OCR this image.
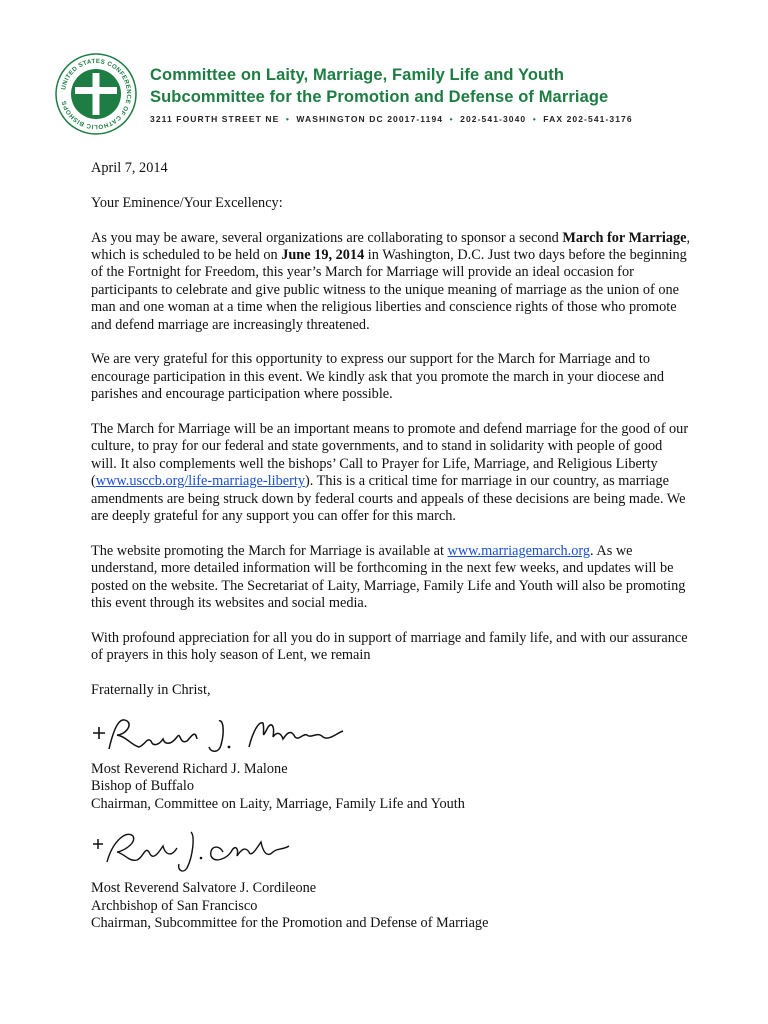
UNITED STATES CONFERENCE OF CATHOLIC BISHOPS
Committee on Laity, Marriage, Family Life and Youth
Subcommittee for the Promotion and Defense of Marriage
3211 FOURTH STREET NE • WASHINGTON DC 20017-1194 • 202-541-3040 • FAX 202-541-3176

April 7, 2014

Your Eminence/Your Excellency:

As you may be aware, several organizations are collaborating to sponsor a second March for Marriage, which is scheduled to be held on June 19, 2014 in Washington, D.C. Just two days before the beginning of the Fortnight for Freedom, this year’s March for Marriage will provide an ideal occasion for participants to celebrate and give public witness to the unique meaning of marriage as the union of one man and one woman at a time when the religious liberties and conscience rights of those who promote and defend marriage are increasingly threatened.

We are very grateful for this opportunity to express our support for the March for Marriage and to encourage participation in this event. We kindly ask that you promote the march in your diocese and parishes and encourage participation where possible.

The March for Marriage will be an important means to promote and defend marriage for the good of our culture, to pray for our federal and state governments, and to stand in solidarity with people of good will. It also complements well the bishops’ Call to Prayer for Life, Marriage, and Religious Liberty (www.usccb.org/life-marriage-liberty). This is a critical time for marriage in our country, as marriage amendments are being struck down by federal courts and appeals of these decisions are being made. We are deeply grateful for any support you can offer for this march.

The website promoting the March for Marriage is available at www.marriagemarch.org. As we understand, more detailed information will be forthcoming in the next few weeks, and updates will be posted on the website. The Secretariat of Laity, Marriage, Family Life and Youth will also be promoting this event through its websites and social media.

With profound appreciation for all you do in support of marriage and family life, and with our assurance of prayers in this holy season of Lent, we remain

Fraternally in Christ,

Most Reverend Richard J. Malone
Bishop of Buffalo
Chairman, Committee on Laity, Marriage, Family Life and Youth
Most Reverend Salvatore J. Cordileone
Archbishop of San Francisco
Chairman, Subcommittee for the Promotion and Defense of Marriage
